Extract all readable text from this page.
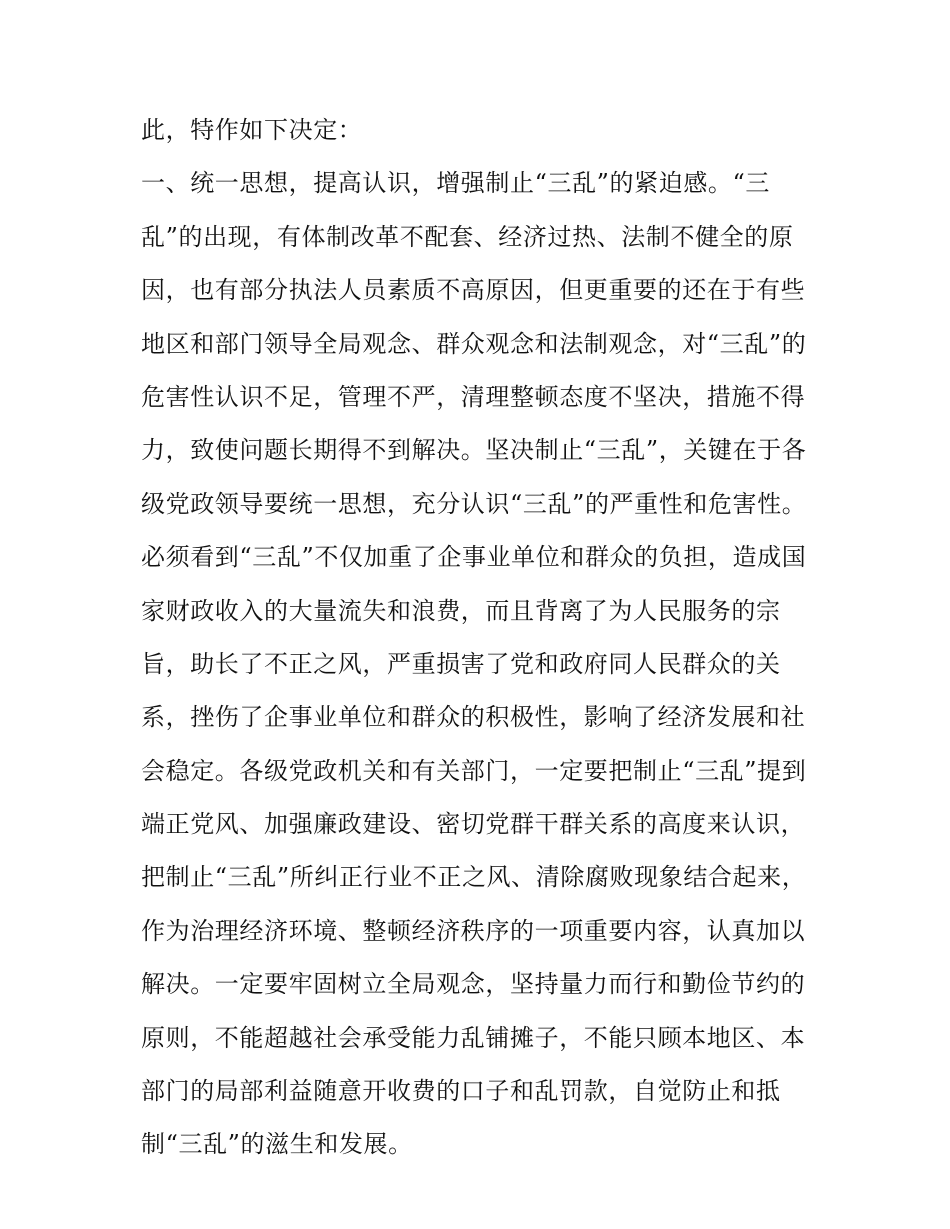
此，特作如下决定：
一、统一思想，提高认识，增强制止“三乱”的紧迫感。“三
乱”的出现，有体制改革不配套、经济过热、法制不健全的原
因，也有部分执法人员素质不高原因，但更重要的还在于有些
地区和部门领导全局观念、群众观念和法制观念，对“三乱”的
危害性认识不足，管理不严，清理整顿态度不坚决，措施不得
力，致使问题长期得不到解决。坚决制止“三乱”，关键在于各
级党政领导要统一思想，充分认识“三乱”的严重性和危害性。
必须看到“三乱”不仅加重了企事业单位和群众的负担，造成国
家财政收入的大量流失和浪费，而且背离了为人民服务的宗
旨，助长了不正之风，严重损害了党和政府同人民群众的关
系，挫伤了企事业单位和群众的积极性，影响了经济发展和社
会稳定。各级党政机关和有关部门，一定要把制止“三乱”提到
端正党风、加强廉政建设、密切党群干群关系的高度来认识，
把制止“三乱”所纠正行业不正之风、清除腐败现象结合起来，
作为治理经济环境、整顿经济秩序的一项重要内容，认真加以
解决。一定要牢固树立全局观念，坚持量力而行和勤俭节约的
原则，不能超越社会承受能力乱铺摊子，不能只顾本地区、本
部门的局部利益随意开收费的口子和乱罚款，自觉防止和抵
制“三乱”的滋生和发展。
